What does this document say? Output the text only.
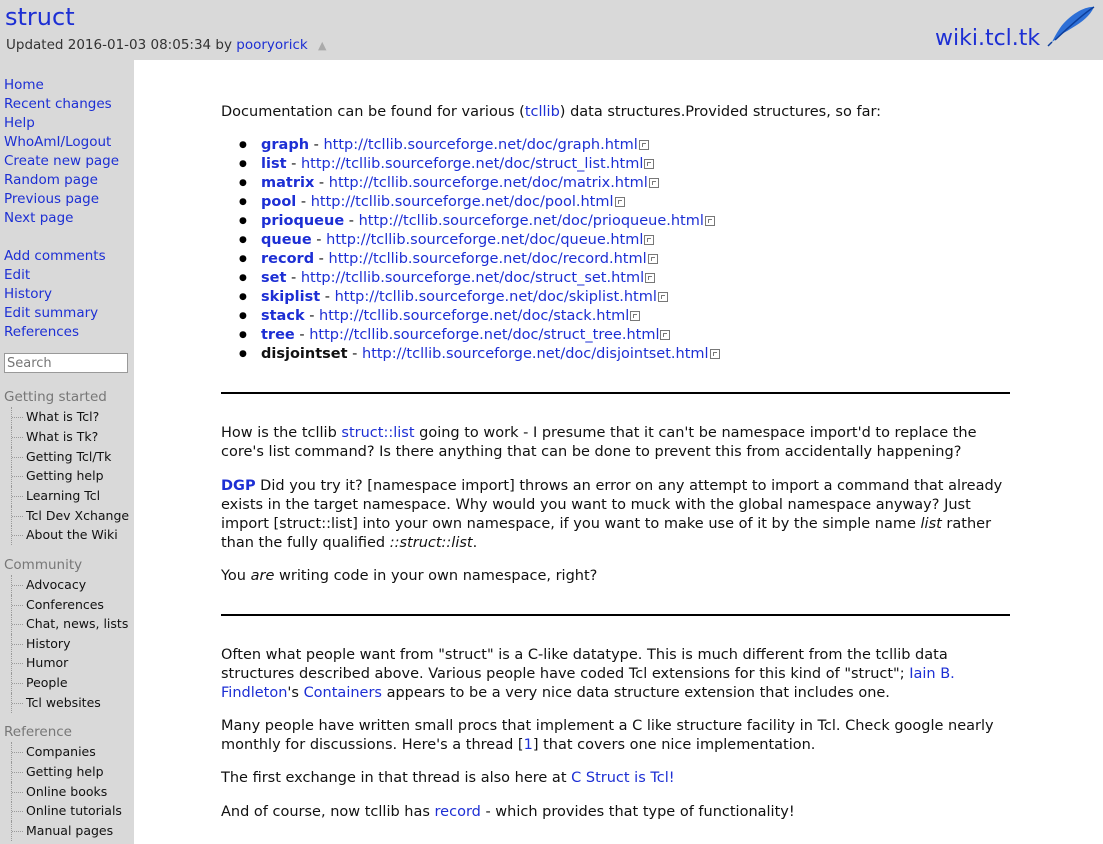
struct
Updated 2016-01-03 08:05:34 by pooryorick ▲	wiki.tcl.tk
Home
Recent changes
Help
WhoAmI/Logout
Create new page
Random page
Previous page
Next page
Add comments
Edit
History
Edit summary
References
Search
Getting started
What is Tcl?
What is Tk?
Getting Tcl/Tk
Getting help
Learning Tcl
Tcl Dev Xchange
About the Wiki
Community
Advocacy
Conferences
Chat, news, lists
History
Humor
People
Tcl websites
Reference
Companies
Getting help
Online books
Online tutorials
Manual pages

Documentation can be found for various (tcllib) data structures.Provided structures, so far:

● graph - http://tcllib.sourceforge.net/doc/graph.html
● list - http://tcllib.sourceforge.net/doc/struct_list.html
● matrix - http://tcllib.sourceforge.net/doc/matrix.html
● pool - http://tcllib.sourceforge.net/doc/pool.html
● prioqueue - http://tcllib.sourceforge.net/doc/prioqueue.html
● queue - http://tcllib.sourceforge.net/doc/queue.html
● record - http://tcllib.sourceforge.net/doc/record.html
● set - http://tcllib.sourceforge.net/doc/struct_set.html
● skiplist - http://tcllib.sourceforge.net/doc/skiplist.html
● stack - http://tcllib.sourceforge.net/doc/stack.html
● tree - http://tcllib.sourceforge.net/doc/struct_tree.html
● disjointset - http://tcllib.sourceforge.net/doc/disjointset.html

How is the tcllib struct::list going to work - I presume that it can't be namespace import'd to replace the core's list command? Is there anything that can be done to prevent this from accidentally happening?

DGP Did you try it? [namespace import] throws an error on any attempt to import a command that already exists in the target namespace. Why would you want to muck with the global namespace anyway? Just import [struct::list] into your own namespace, if you want to make use of it by the simple name list rather than the fully qualified ::struct::list.

You are writing code in your own namespace, right?

Often what people want from "struct" is a C-like datatype. This is much different from the tcllib data structures described above. Various people have coded Tcl extensions for this kind of "struct"; Iain B. Findleton's Containers appears to be a very nice data structure extension that includes one.

Many people have written small procs that implement a C like structure facility in Tcl. Check google nearly monthly for discussions. Here's a thread [1] that covers one nice implementation.

The first exchange in that thread is also here at C Struct is Tcl!

And of course, now tcllib has record - which provides that type of functionality!
